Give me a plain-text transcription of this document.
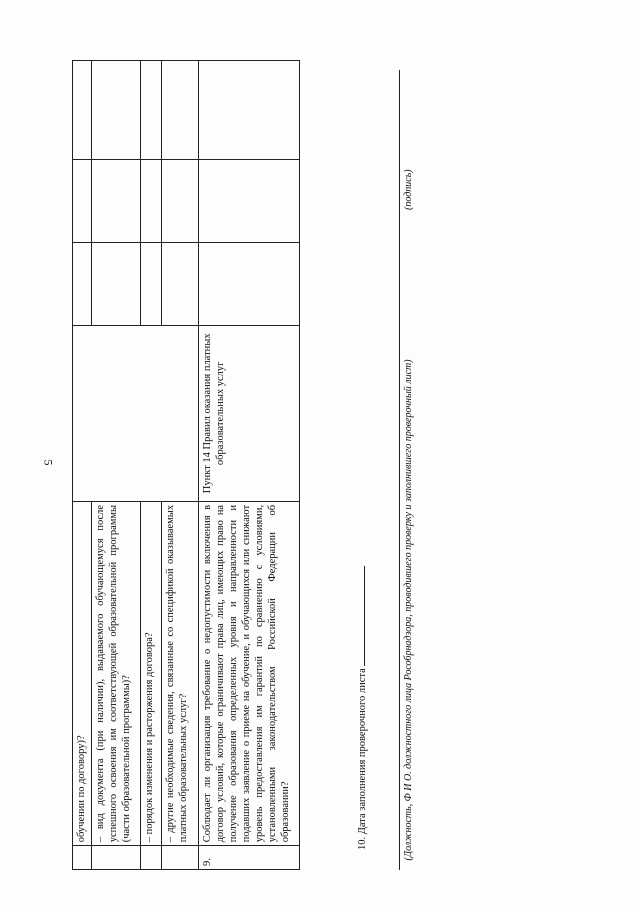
5
	обучении по договору)?				
	– вид документа (при наличии), выдаваемого обучающемуся после успешного освоения им соответствующей образовательной программы (части образовательной программы)?				
	– порядок изменения и расторжения договора?				
	– другие необходимые сведения, связанные со спецификой оказываемых платных образовательных услуг?				
9.	Соблюдает ли организация требование о недопустимости включения в договор условий, которые ограничивают права лиц, имеющих право на получение образования определенных уровня и направленности и подавших заявление о приеме на обучение, и обучающихся или снижают уровень предоставления им гарантий по сравнению с условиями, установленными законодательством Российской Федерации об образовании?	Пункт 14 Правил оказания платных образовательных услуг			
10. Дата заполнения проверочного листа	(Должность, Ф И О. должностного лица Рособрнадзора, проводившего проверку и заполнившего проверочный лист)
(подпись)
